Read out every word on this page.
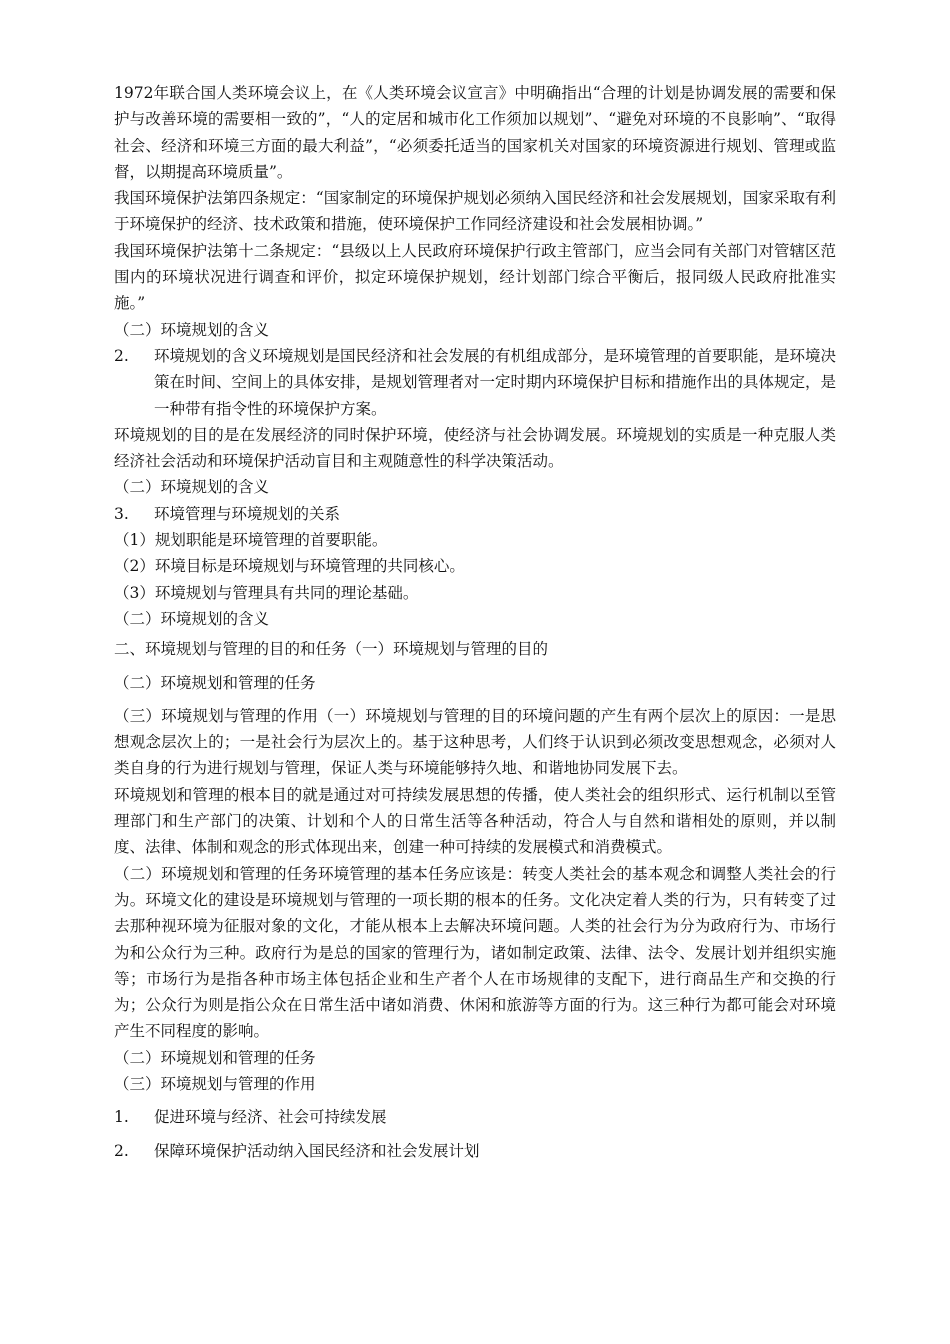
1972年联合国人类环境会议上，在《人类环境会议宣言》中明确指出“合理的计划是协调发展的需要和保护与改善环境的需要相一致的”，“人的定居和城市化工作须加以规划”、“避免对环境的不良影响”、“取得社会、经济和环境三方面的最大利益”，“必须委托适当的国家机关对国家的环境资源进行规划、管理或监督，以期提高环境质量”。

我国环境保护法第四条规定：“国家制定的环境保护规划必须纳入国民经济和社会发展规划，国家采取有利于环境保护的经济、技术政策和措施，使环境保护工作同经济建设和社会发展相协调。”

我国环境保护法第十二条规定：“县级以上人民政府环境保护行政主管部门，应当会同有关部门对管辖区范围内的环境状况进行调查和评价，拟定环境保护规划，经计划部门综合平衡后，报同级人民政府批准实施。”

（二）环境规划的含义

2.	环境规划的含义环境规划是国民经济和社会发展的有机组成部分，是环境管理的首要职能，是环境决策在时间、空间上的具体安排，是规划管理者对一定时期内环境保护目标和措施作出的具体规定，是一种带有指令性的环境保护方案。

环境规划的目的是在发展经济的同时保护环境，使经济与社会协调发展。环境规划的实质是一种克服人类经济社会活动和环境保护活动盲目和主观随意性的科学决策活动。

（二）环境规划的含义

3.	环境管理与环境规划的关系

（1）规划职能是环境管理的首要职能。

（2）环境目标是环境规划与环境管理的共同核心。

（3）环境规划与管理具有共同的理论基础。

（二）环境规划的含义

二、环境规划与管理的目的和任务（一）环境规划与管理的目的

（二）环境规划和管理的任务

（三）环境规划与管理的作用（一）环境规划与管理的目的环境问题的产生有两个层次上的原因：一是思想观念层次上的；一是社会行为层次上的。基于这种思考，人们终于认识到必须改变思想观念，必须对人类自身的行为进行规划与管理，保证人类与环境能够持久地、和谐地协同发展下去。

环境规划和管理的根本目的就是通过对可持续发展思想的传播，使人类社会的组织形式、运行机制以至管理部门和生产部门的决策、计划和个人的日常生活等各种活动，符合人与自然和谐相处的原则，并以制度、法律、体制和观念的形式体现出来，创建一种可持续的发展模式和消费模式。

（二）环境规划和管理的任务环境管理的基本任务应该是：转变人类社会的基本观念和调整人类社会的行为。环境文化的建设是环境规划与管理的一项长期的根本的任务。文化决定着人类的行为，只有转变了过去那种视环境为征服对象的文化，才能从根本上去解决环境问题。人类的社会行为分为政府行为、市场行为和公众行为三种。政府行为是总的国家的管理行为，诸如制定政策、法律、法令、发展计划并组织实施等；市场行为是指各种市场主体包括企业和生产者个人在市场规律的支配下，进行商品生产和交换的行为；公众行为则是指公众在日常生活中诸如消费、休闲和旅游等方面的行为。这三种行为都可能会对环境产生不同程度的影响。

（二）环境规划和管理的任务

（三）环境规划与管理的作用

1.	促进环境与经济、社会可持续发展
2.	保障环境保护活动纳入国民经济和社会发展计划
